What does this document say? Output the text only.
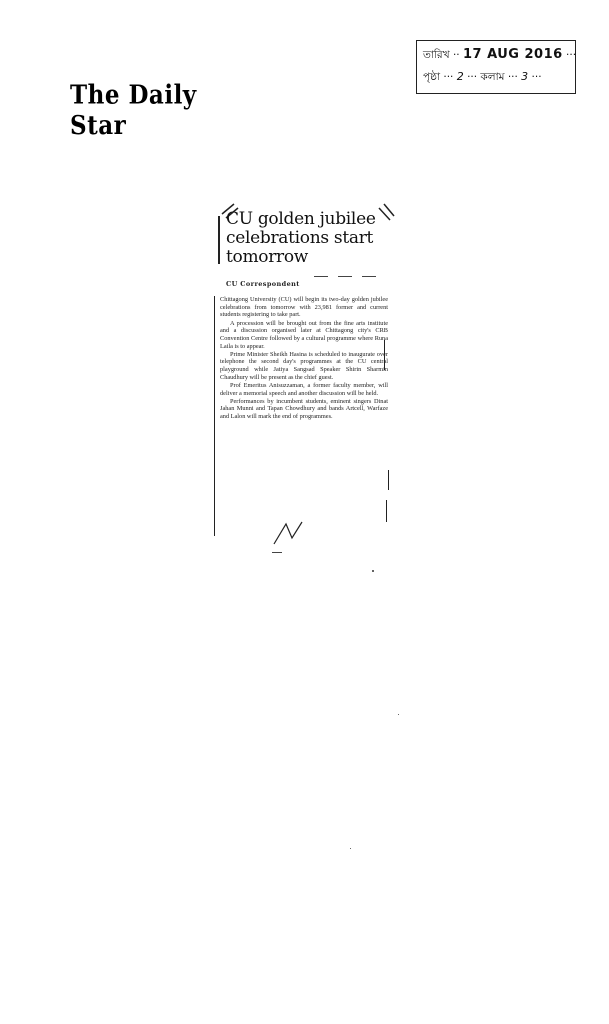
The Daily Star
তারিখ ·· 17 AUG 2016 ···
পৃষ্ঠা ··· 2 ··· কলাম ··· 3 ···
CU golden jubilee celebrations start tomorrow
CU Correspondent

Chittagong University (CU) will begin its two-day golden jubilee celebrations from tomorrow with 23,981 former and current students registering to take part.

A procession will be brought out from the fine arts institute and a discussion organised later at Chittagong city's CRB Convention Centre followed by a cultural programme where Runa Laila is to appear.

Prime Minister Sheikh Hasina is scheduled to inaugurate over telephone the second day's programmes at the CU central playground while Jatiya Sangsad Speaker Shirin Sharmin Chaudhury will be present as the chief guest.

Prof Emeritus Anisuzzaman, a former faculty member, will deliver a memorial speech and another discussion will be held.

Performances by incumbent students, eminent singers Dinat Jahan Munni and Tapan Chowdhury and bands Artcell, Warfaze and Lalon will mark the end of programmes.
